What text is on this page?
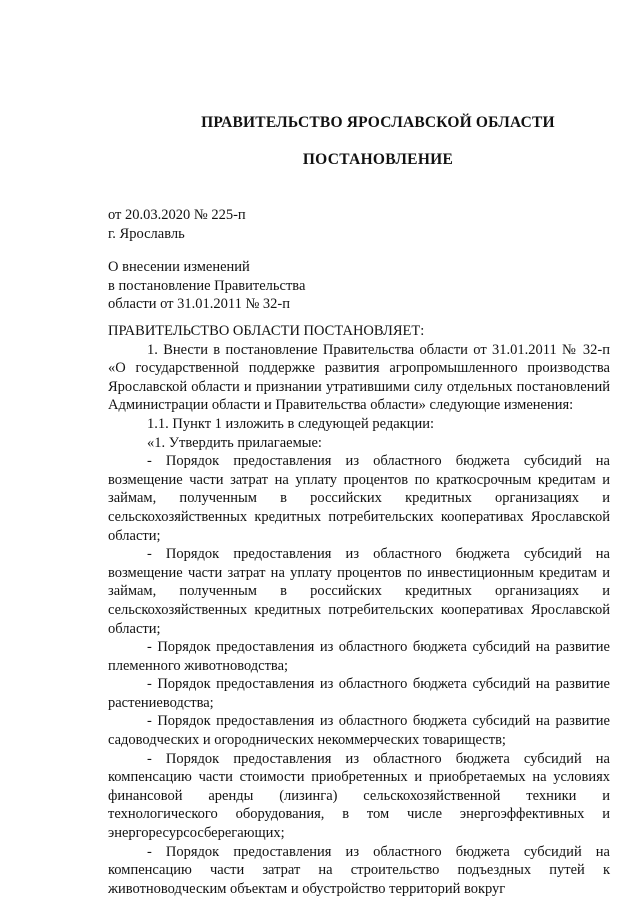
ПРАВИТЕЛЬСТВО ЯРОСЛАВСКОЙ ОБЛАСТИ
ПОСТАНОВЛЕНИЕ
от 20.03.2020 № 225-п
г. Ярославль
О внесении изменений
в постановление Правительства
области от 31.01.2011 № 32-п

ПРАВИТЕЛЬСТВО ОБЛАСТИ ПОСТАНОВЛЯЕТ:

1. Внести в постановление Правительства области от 31.01.2011 № 32-п «О государственной поддержке развития агропромышленного производства Ярославской области и признании утратившими силу отдельных постановлений Администрации области и Правительства области» следующие изменения:

1.1. Пункт 1 изложить в следующей редакции:

«1. Утвердить прилагаемые:

- Порядок предоставления из областного бюджета субсидий на возмещение части затрат на уплату процентов по краткосрочным кредитам и займам, полученным в российских кредитных организациях и сельскохозяйственных кредитных потребительских кооперативах Ярославской области;

- Порядок предоставления из областного бюджета субсидий на возмещение части затрат на уплату процентов по инвестиционным кредитам и займам, полученным в российских кредитных организациях и сельскохозяйственных кредитных потребительских кооперативах Ярославской области;

- Порядок предоставления из областного бюджета субсидий на развитие племенного животноводства;

- Порядок предоставления из областного бюджета субсидий на развитие растениеводства;

- Порядок предоставления из областного бюджета субсидий на развитие садоводческих и огороднических некоммерческих товариществ;

- Порядок предоставления из областного бюджета субсидий на компенсацию части стоимости приобретенных и приобретаемых на условиях финансовой аренды (лизинга) сельскохозяйственной техники и технологического оборудования, в том числе энергоэффективных и энергоресурсосберегающих;

- Порядок предоставления из областного бюджета субсидий на компенсацию части затрат на строительство подъездных путей к животноводческим объектам и обустройство территорий вокруг
